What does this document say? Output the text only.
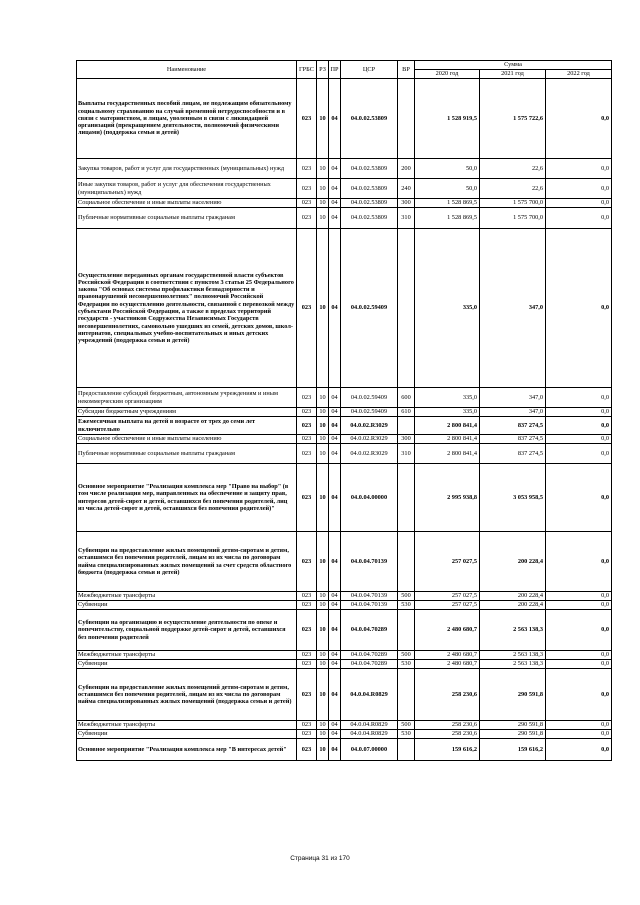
Наименование	ГРБС	РЗ	ПР	ЦСР	ВР	Сумма		
						2020 год	2021 год	2022 год
Выплаты государственных пособий лицам, не подлежащим обязательному социальному страхованию на случай временной нетрудоспособности и в связи с материнством, и лицам, уволенным в связи с ликвидацией организаций (прекращением деятельности, полномочий физическими лицами) (поддержка семьи и детей)	023	10	04	04.0.02.53809		1 528 919,5	1 575 722,6	0,0
Закупка товаров, работ и услуг для государственных (муниципальных) нужд	023	10	04	04.0.02.53809	200	50,0	22,6	0,0
Иные закупки товаров, работ и услуг для обеспечения государственных (муниципальных) нужд	023	10	04	04.0.02.53809	240	50,0	22,6	0,0
Социальное обеспечение и иные выплаты населению	023	10	04	04.0.02.53809	300	1 528 869,5	1 575 700,0	0,0
Публичные нормативные социальные выплаты гражданам	023	10	04	04.0.02.53809	310	1 528 869,5	1 575 700,0	0,0
Осуществление переданных органам государственной власти субъектов Российской Федерации в соответствии с пунктом 3 статьи 25 Федерального закона "Об основах системы профилактики безнадзорности и правонарушений несовершеннолетних" полномочий Российской Федерации по осуществлению деятельности, связанной с перевозкой между субъектами Российской Федерации, а также в пределах территорий государств - участников Содружества Независимых Государств несовершеннолетних, самовольно ушедших из семей, детских домов, школ-интернатов, специальных учебно-воспитательных и иных детских учреждений (поддержка семьи и детей)	023	10	04	04.0.02.59409		335,0	347,0	0,0
Предоставление субсидий бюджетным, автономным учреждениям и иным некоммерческим организациям	023	10	04	04.0.02.59409	600	335,0	347,0	0,0
Субсидии бюджетным учреждениям	023	10	04	04.0.02.59409	610	335,0	347,0	0,0
Ежемесячная выплата на детей в возрасте от трех до семи лет включительно	023	10	04	04.0.02.R3029		2 800 841,4	837 274,5	0,0
Социальное обеспечение и иные выплаты населению	023	10	04	04.0.02.R3029	300	2 800 841,4	837 274,5	0,0
Публичные нормативные социальные выплаты гражданам	023	10	04	04.0.02.R3029	310	2 800 841,4	837 274,5	0,0
Основное мероприятие "Реализация комплекса мер "Право на выбор" (в том числе реализация мер, направленных на обеспечение и защиту прав, интересов детей-сирот и детей, оставшихся без попечения родителей, лиц из числа детей-сирот и детей, оставшихся без попечения родителей)"	023	10	04	04.0.04.00000		2 995 938,8	3 053 958,5	0,0
Субвенции на предоставление жилых помещений детям-сиротам и детям, оставшимся без попечения родителей, лицам из их числа по договорам найма специализированных жилых помещений за счет средств областного бюджета (поддержка семьи и детей)	023	10	04	04.0.04.70139		257 027,5	200 228,4	0,0
Межбюджетные трансферты	023	10	04	04.0.04.70139	500	257 027,5	200 228,4	0,0
Субвенции	023	10	04	04.0.04.70139	530	257 027,5	200 228,4	0,0
Субвенции на организацию и осуществление деятельности по опеке и попечительству, социальной поддержке детей-сирот и детей, оставшихся без попечения родителей	023	10	04	04.0.04.70289		2 480 680,7	2 563 138,3	0,0
Межбюджетные трансферты	023	10	04	04.0.04.70289	500	2 480 680,7	2 563 138,3	0,0
Субвенции	023	10	04	04.0.04.70289	530	2 480 680,7	2 563 138,3	0,0
Субвенции на предоставление жилых помещений детям-сиротам и детям, оставшимся без попечения родителей, лицам из их числа по договорам найма специализированных жилых помещений (поддержка семьи и детей)	023	10	04	04.0.04.R0829		258 230,6	290 591,8	0,0
Межбюджетные трансферты	023	10	04	04.0.04.R0829	500	258 230,6	290 591,8	0,0
Субвенции	023	10	04	04.0.04.R0829	530	258 230,6	290 591,8	0,0
Основное мероприятие "Реализация комплекса мер "В интересах детей"	023	10	04	04.0.07.00000		159 616,2	159 616,2	0,0
Страница 31 из 170
